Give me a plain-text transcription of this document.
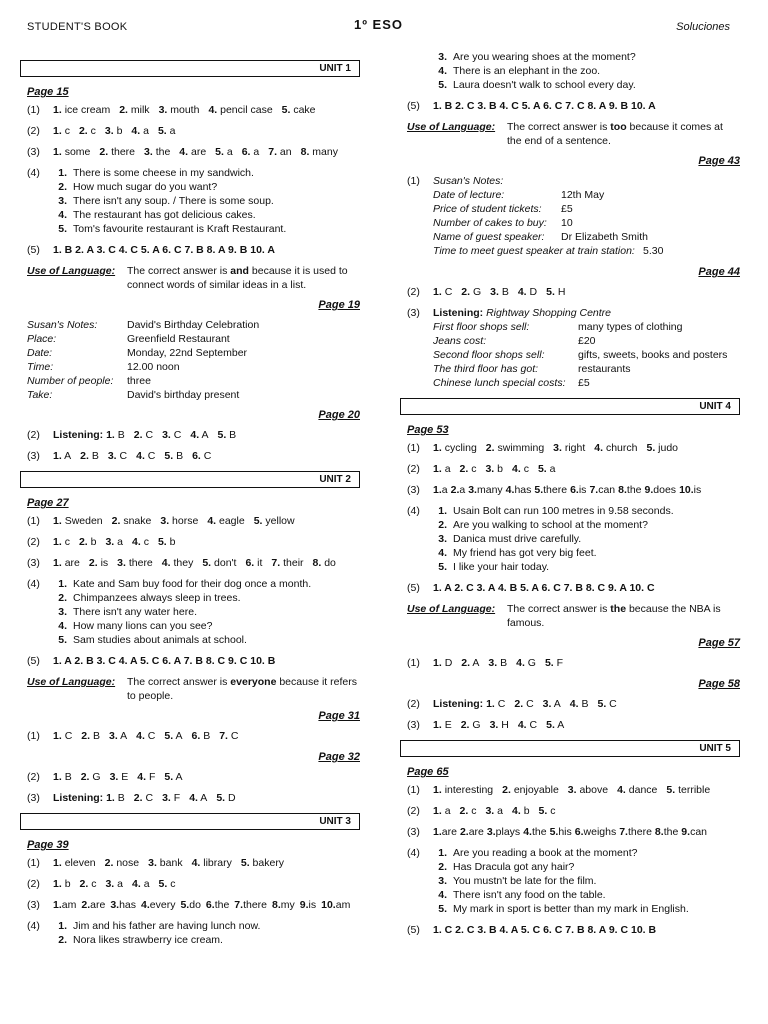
STUDENT'S BOOK	1º ESO	Soluciones
UNIT 1
Page 15
(1)	1. ice cream 2. milk 3. mouth 4. pencil case 5. cake
(2)	1. c 2. c 3. b 4. a 5. a
(3)	1. some 2. there 3. the 4. are 5. a 6. a 7. an 8. many
(4)	1. There is some cheese in my sandwich.
2. How much sugar do you want?
3. There isn't any soup. / There is some soup.
4. The restaurant has got delicious cakes.
5. Tom's favourite restaurant is Kraft Restaurant.
(5)	1. B 2. A 3. C 4. C 5. A 6. C 7. B 8. A 9. B 10. A
Use of Language:	The correct answer is and because it is used to connect words of similar ideas in a list.
Page 19
Susan's Notes:	David's Birthday Celebration
Place:	Greenfield Restaurant
Date:	Monday, 22nd September
Time:	12.00 noon
Number of people:	three
Take:	David's birthday present
Page 20
(2)	Listening: 1. B 2. C 3. C 4. A 5. B
(3)	1. A 2. B 3. C 4. C 5. B 6. C
UNIT 2
Page 27
(1)	1. Sweden 2. snake 3. horse 4. eagle 5. yellow
(2)	1. c 2. b 3. a 4. c 5. b
(3)	1. are 2. is 3. there 4. they 5. don't 6. it 7. their 8. do
(4)	1. Kate and Sam buy food for their dog once a month.
2. Chimpanzees always sleep in trees.
3. There isn't any water here.
4. How many lions can you see?
5. Sam studies about animals at school.
(5)	1. A 2. B 3. C 4. A 5. C 6. A 7. B 8. C 9. C 10. B
Use of Language:	The correct answer is everyone because it refers to people.
Page 31
(1)	1. C 2. B 3. A 4. C 5. A 6. B 7. C
Page 32
(2)	1. B 2. G 3. E 4. F 5. A
(3)	Listening: 1. B 2. C 3. F 4. A 5. D
UNIT 3
Page 39
(1)	1. eleven 2. nose 3. bank 4. library 5. bakery
(2)	1. b 2. c 3. a 4. a 5. c
(3)	1.am 2.are 3.has 4.every 5.do 6.the 7.there 8.my 9.is 10.am
(4)	1. Jim and his father are having lunch now.
2. Nora likes strawberry ice cream.
3. Are you wearing shoes at the moment?
4. There is an elephant in the zoo.
5. Laura doesn't walk to school every day.
(5)	1. B 2. C 3. B 4. C 5. A 6. C 7. C 8. A 9. B 10. A
Use of Language:	The correct answer is too because it comes at the end of a sentence.
Page 43
(1)	Susan's Notes:
Date of lecture:	12th May
Price of student tickets:	£5
Number of cakes to buy:	10
Name of guest speaker:	Dr Elizabeth Smith
Time to meet guest speaker at train station: 5.30
Page 44
(2)	1. C 2. G 3. B 4. D 5. H
(3)	Listening: Rightway Shopping Centre
First floor shops sell:	many types of clothing
Jeans cost:	£20
Second floor shops sell:	gifts, sweets, books and posters
The third floor has got:	restaurants
Chinese lunch special costs:	£5
UNIT 4
Page 53
(1)	1. cycling 2. swimming 3. right 4. church 5. judo
(2)	1. a 2. c 3. b 4. c 5. a
(3)	1.a 2.a 3.many 4.has 5.there 6.is 7.can 8.the 9.does 10.is
(4)	1. Usain Bolt can run 100 metres in 9.58 seconds.
2. Are you walking to school at the moment?
3. Danica must drive carefully.
4. My friend has got very big feet.
5. I like your hair today.
(5)	1. A 2. C 3. A 4. B 5. A 6. C 7. B 8. C 9. A 10. C
Use of Language:	The correct answer is the because the NBA is famous.
Page 57
(1)	1. D 2. A 3. B 4. G 5. F
Page 58
(2)	Listening: 1. C 2. C 3. A 4. B 5. C
(3)	1. E 2. G 3. H 4. C 5. A
UNIT 5
Page 65
(1)	1. interesting 2. enjoyable 3. above 4. dance 5. terrible
(2)	1. a 2. c 3. a 4. b 5. c
(3)	1.are 2.are 3.plays 4.the 5.his 6.weighs 7.there 8.the 9.can
(4)	1. Are you reading a book at the moment?
2. Has Dracula got any hair?
3. You mustn't be late for the film.
4. There isn't any food on the table.
5. My mark in sport is better than my mark in English.
(5)	1. C 2. C 3. B 4. A 5. C 6. C 7. B 8. A 9. C 10. B
